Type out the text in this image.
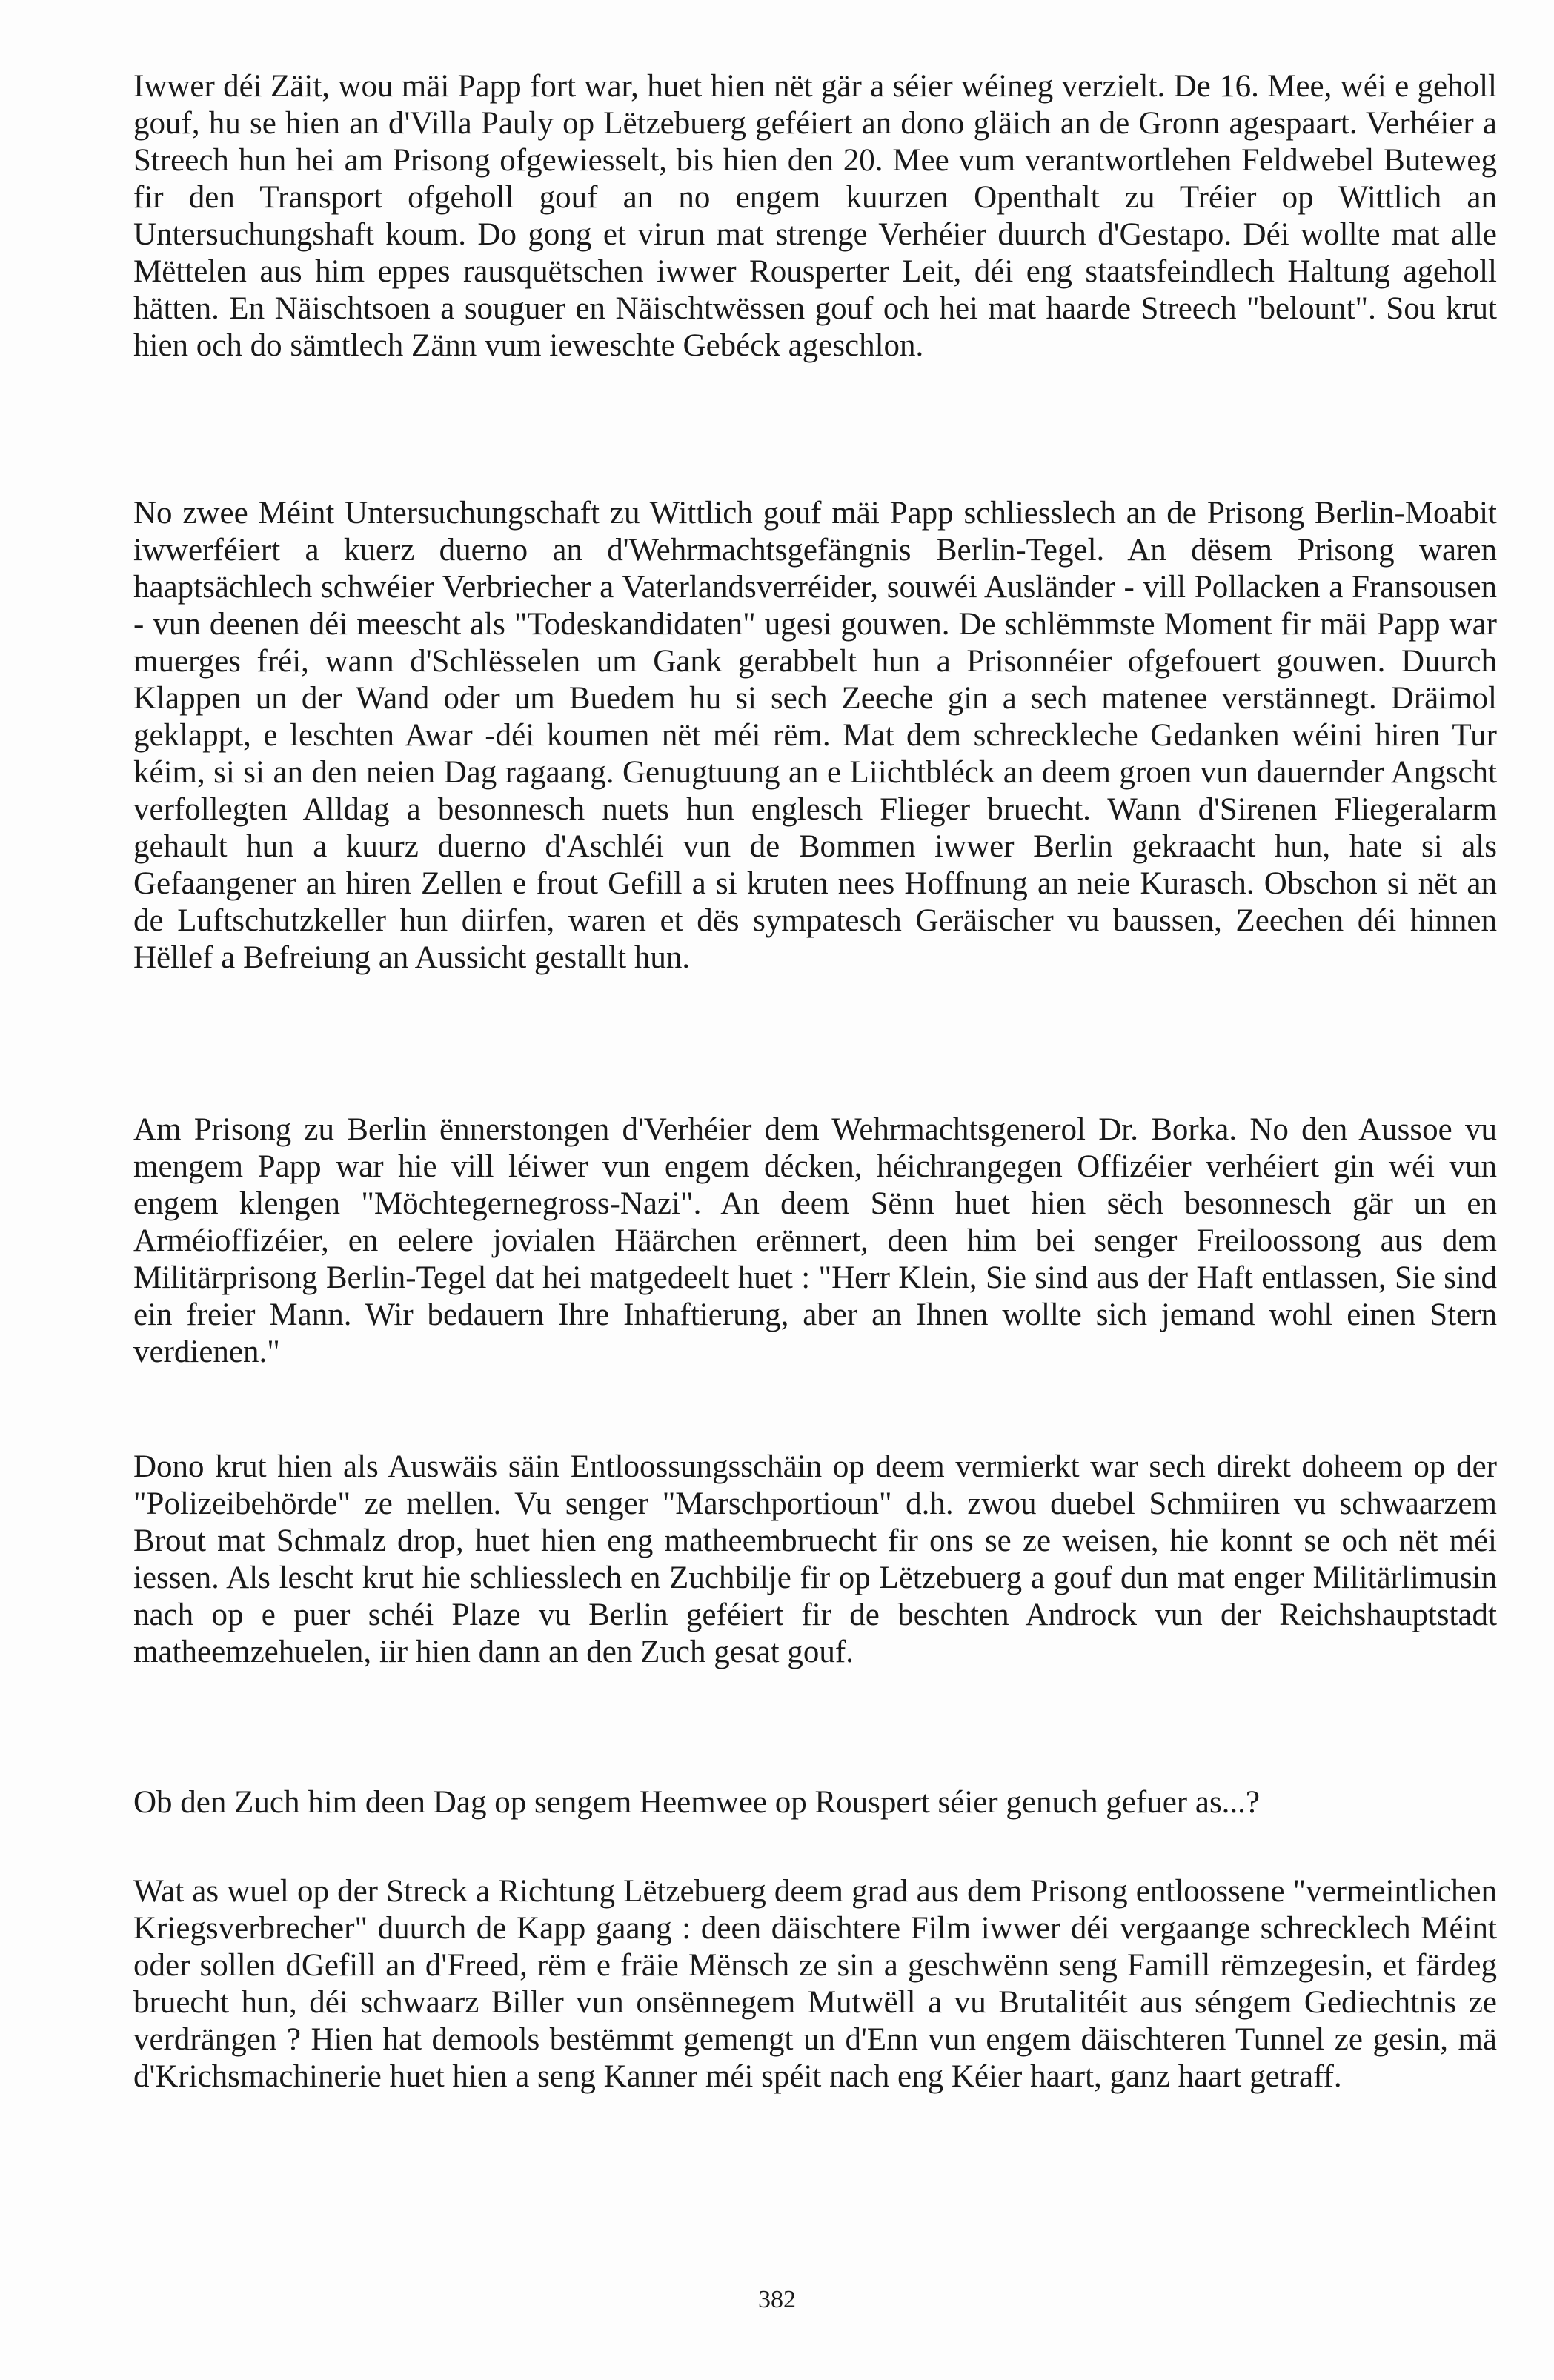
Iwwer déi Zäit, wou mäi Papp fort war, huet hien nët gär a séier wéineg verzielt. De 16. Mee, wéi e geholl gouf, hu se hien an d'Villa Pauly op Lëtzebuerg geféiert an dono gläich an de Gronn agespaart. Verhéier a Streech hun hei am Prisong ofgewiesselt, bis hien den 20. Mee vum verantwortlehen Feldwebel Buteweg fir den Transport ofgeholl gouf an no engem kuurzen Openthalt zu Tréier op Wittlich an Untersuchungshaft koum. Do gong et virun mat strenge Verhéier duurch d'Gestapo. Déi wollte mat alle Mëttelen aus him eppes rausquëtschen iwwer Rousperter Leit, déi eng staatsfeindlech Haltung ageholl hätten. En Näischtsoen a souguer en Näischtwëssen gouf och hei mat haarde Streech "belount". Sou krut hien och do sämtlech Zänn vum ieweschte Gebéck ageschlon.

No zwee Méint Untersuchungschaft zu Wittlich gouf mäi Papp schliesslech an de Prisong Berlin-Moabit iwwerféiert a kuerz duerno an d'Wehrmachtsgefängnis Berlin-Tegel. An dësem Prisong waren haaptsächlech schwéier Verbriecher a Vaterlandsverréider, souwéi Ausländer - vill Pollacken a Fransousen - vun deenen déi meescht als "Todeskandidaten" ugesi gouwen. De schlëmmste Moment fir mäi Papp war muerges fréi, wann d'Schlësselen um Gank gerabbelt hun a Prisonnéier ofgefouert gouwen. Duurch Klappen un der Wand oder um Buedem hu si sech Zeeche gin a sech matenee verstännegt. Dräimol geklappt, e leschten Awar -déi koumen nët méi rëm. Mat dem schreckleche Gedanken wéini hiren Tur kéim, si si an den neien Dag ragaang. Genugtuung an e Liichtbléck an deem groen vun dauernder Angscht verfollegten Alldag a besonnesch nuets hun englesch Flieger bruecht. Wann d'Sirenen Fliegeralarm gehault hun a kuurz duerno d'Aschléi vun de Bommen iwwer Berlin gekraacht hun, hate si als Gefaangener an hiren Zellen e frout Gefill a si kruten nees Hoffnung an neie Kurasch. Obschon si nët an de Luftschutzkeller hun diirfen, waren et dës sympatesch Geräischer vu baussen, Zeechen déi hinnen Hëllef a Befreiung an Aussicht gestallt hun.

Am Prisong zu Berlin ënnerstongen d'Verhéier dem Wehrmachtsgenerol Dr. Borka. No den Aussoe vu mengem Papp war hie vill léiwer vun engem décken, héichrangegen Offizéier verhéiert gin wéi vun engem klengen "Möchtegernegross-Nazi". An deem Sënn huet hien sëch besonnesch gär un en Arméioffizéier, en eelere jovialen Häärchen erënnert, deen him bei senger Freiloossong aus dem Militärprisong Berlin-Tegel dat hei matgedeelt huet : "Herr Klein, Sie sind aus der Haft entlassen, Sie sind ein freier Mann. Wir bedauern Ihre Inhaftierung, aber an Ihnen wollte sich jemand wohl einen Stern verdienen."

Dono krut hien als Auswäis säin Entloossungsschäin op deem vermierkt war sech direkt doheem op der "Polizeibehörde" ze mellen. Vu senger "Marschportioun" d.h. zwou duebel Schmiiren vu schwaarzem Brout mat Schmalz drop, huet hien eng matheembruecht fir ons se ze weisen, hie konnt se och nët méi iessen. Als lescht krut hie schliesslech en Zuchbilje fir op Lëtzebuerg a gouf dun mat enger Militärlimusin nach op e puer schéi Plaze vu Berlin geféiert fir de beschten Androck vun der Reichshauptstadt matheemzehuelen, iir hien dann an den Zuch gesat gouf.

Ob den Zuch him deen Dag op sengem Heemwee op Rouspert séier genuch gefuer as...?

Wat as wuel op der Streck a Richtung Lëtzebuerg deem grad aus dem Prisong entloossene "vermeintlichen Kriegsverbrecher" duurch de Kapp gaang : deen däischtere Film iwwer déi vergaange schrecklech Méint oder sollen dGefill an d'Freed, rëm e fräie Mënsch ze sin a geschwënn seng Famill rëmzegesin, et färdeg bruecht hun, déi schwaarz Biller vun onsënnegem Mutwëll a vu Brutalitéit aus séngem Gediechtnis ze verdrängen ? Hien hat demools bestëmmt gemengt un d'Enn vun engem däischteren Tunnel ze gesin, mä d'Krichsmachinerie huet hien a seng Kanner méi spéit nach eng Kéier haart, ganz haart getraff.

382
